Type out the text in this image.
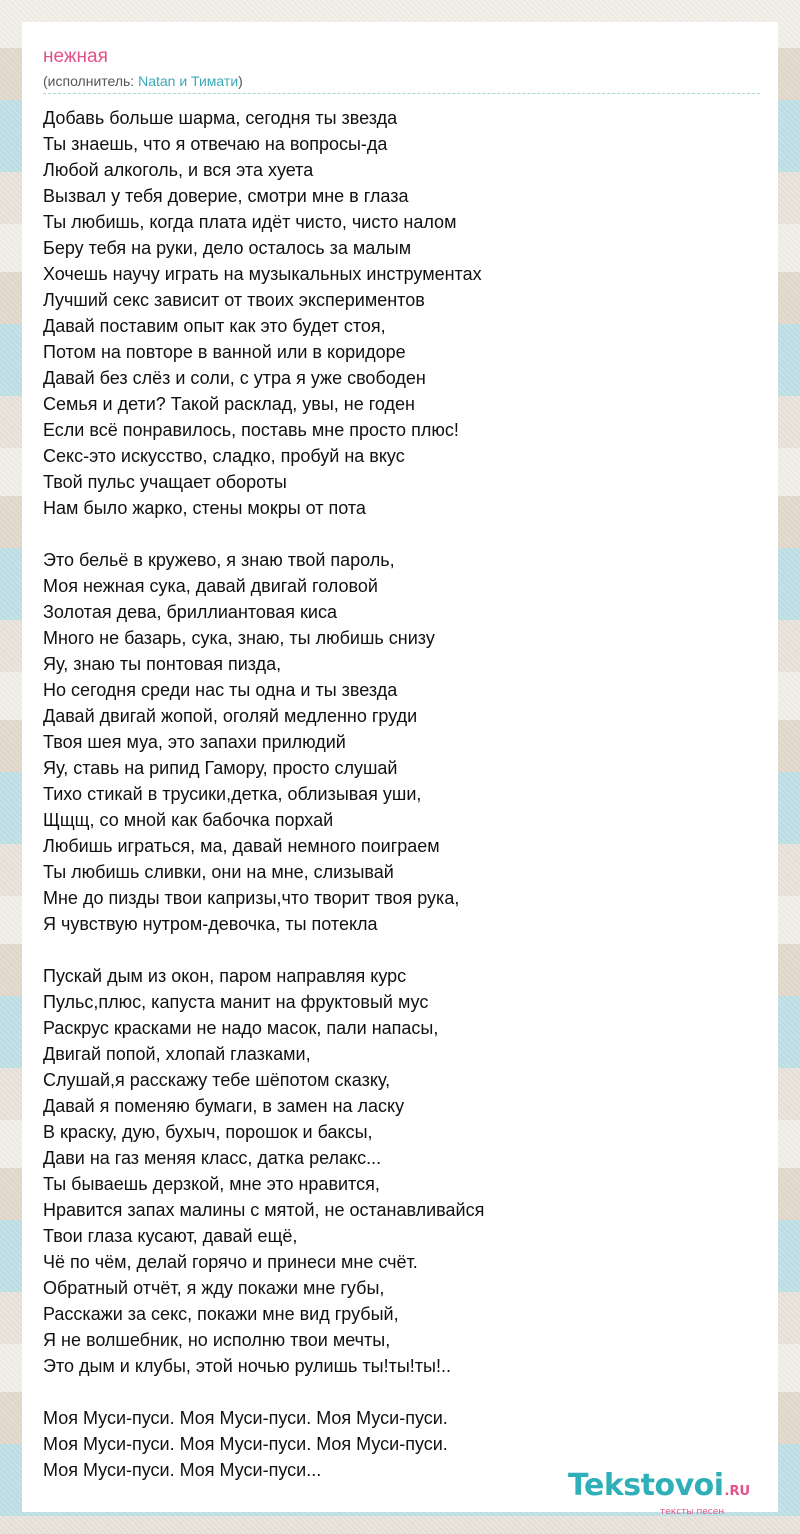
нежная
(исполнитель: Natan и Тимати)
Добавь больше шарма, сегодня ты звезда
Ты знаешь, что я отвечаю на вопросы-да
Любой алкоголь, и вся эта хуета
Вызвал у тебя доверие, смотри мне в глаза
Ты любишь, когда плата идёт чисто, чисто налом
Беру тебя на руки, дело осталось за малым
Хочешь научу играть на музыкальных инструментах
Лучший секс зависит от твоих экспериментов
Давай поставим опыт как это будет стоя,
Потом на повторе в ванной или в коридоре
Давай без слёз и соли, с утра я уже свободен
Семья и дети? Такой расклад, увы, не годен
Если всё понравилось, поставь мне просто плюс!
Секс-это искусство, сладко, пробуй на вкус
Твой пульс учащает обороты
Нам было жарко, стены мокры от пота
Это бельё в кружево, я знаю твой пароль,
Моя нежная сука, давай двигай головой
Золотая дева, бриллиантовая киса
Много не базарь, сука, знаю, ты любишь снизу
Яу, знаю ты понтовая пизда,
Но сегодня среди нас ты одна и ты звезда
Давай двигай жопой, оголяй медленно груди
Твоя шея муа, это запахи прилюдий
Яу, ставь на рипид Гамору, просто слушай
Тихо стикай в трусики,детка, облизывая уши,
Щщщ, со мной как бабочка порхай
Любишь играться, ма, давай немного поиграем
Ты любишь сливки, они на мне, слизывай
Мне до пизды твои капризы,что творит твоя рука,
Я чувствую нутром-девочка, ты потекла
Пускай дым из окон, паром направляя курс
Пульс,плюс, капуста манит на фруктовый мус
Раскрус красками не надо масок, пали напасы,
Двигай попой, хлопай глазками,
Слушай,я расскажу тебе шёпотом сказку,
Давай я поменяю бумаги, в замен на ласку
В краску, дую, бухыч, порошок и баксы,
Дави на газ меняя класс, датка релакс...
Ты бываешь дерзкой, мне это нравится,
Нравится запах малины с мятой, не останавливайся
Твои глаза кусают, давай ещё,
Чё по чём, делай горячо и принеси мне счёт.
Обратный отчёт, я жду покажи мне губы,
Расскажи за секс, покажи мне вид грубый,
Я не волшебник, но исполню твои мечты,
Это дым и клубы, этой ночью рулишь ты!ты!ты!..
Моя Муси-пуси. Моя Муси-пуси. Моя Муси-пуси.
Моя Муси-пуси. Моя Муси-пуси. Моя Муси-пуси.
Моя Муси-пуси. Моя Муси-пуси...	Tekstovoi.RU
тексты песен
